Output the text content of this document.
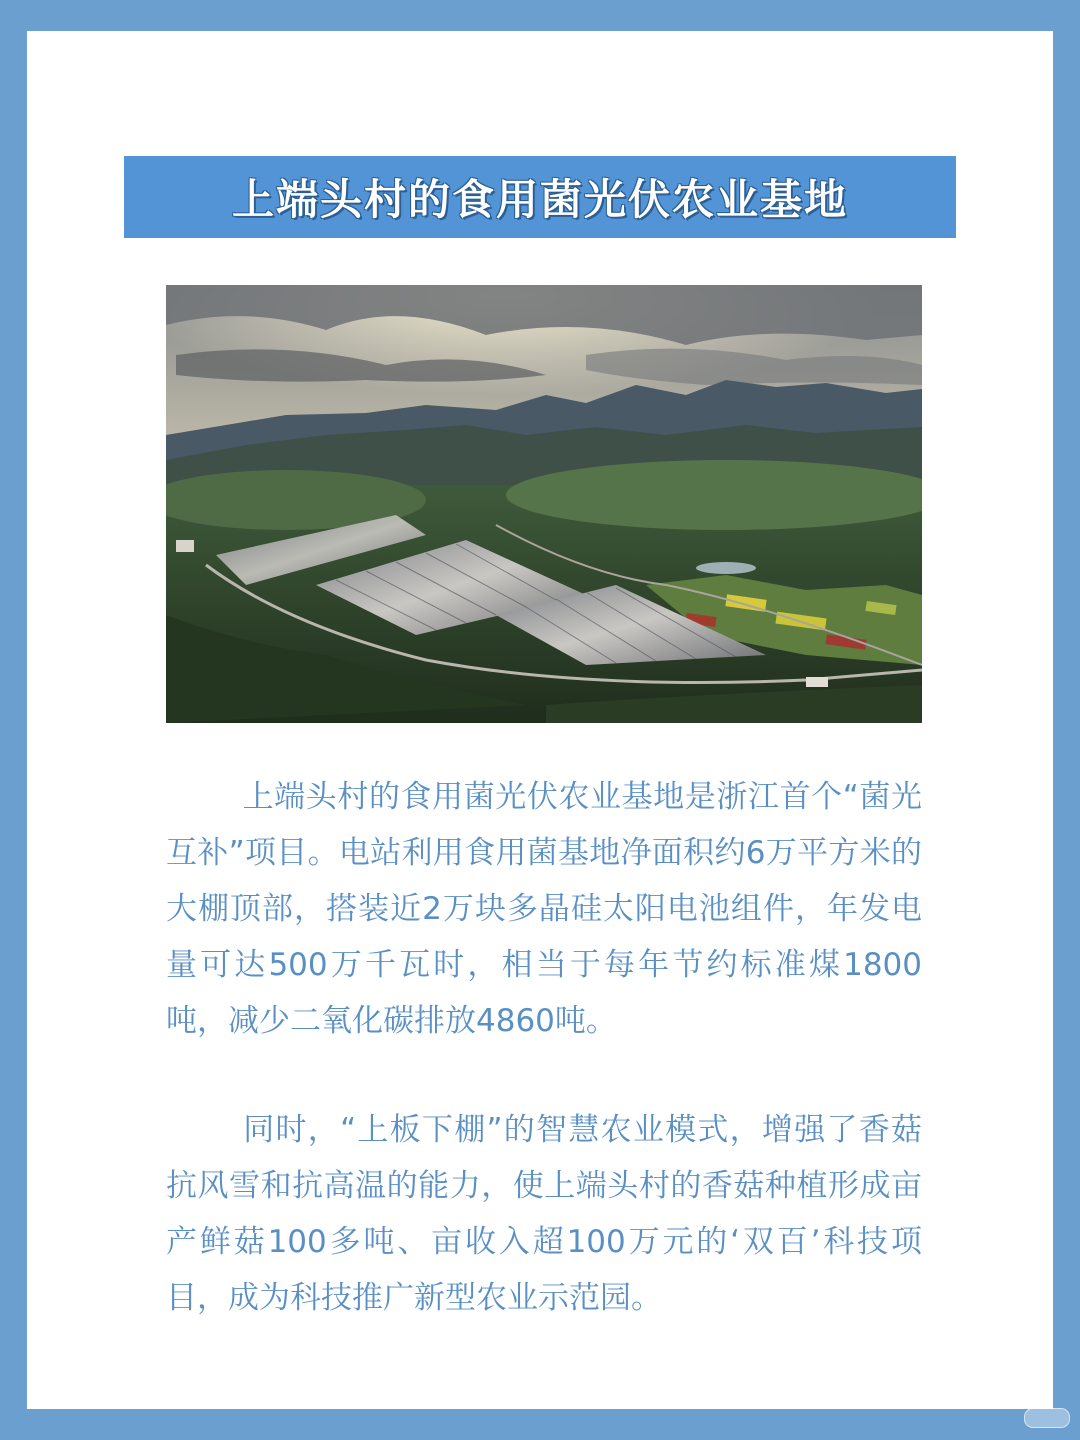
上端头村的食用菌光伏农业基地

上端头村的食用菌光伏农业基地是浙江首个“菌光互补”项目。电站利用食用菌基地净面积约6万平方米的大棚顶部，搭装近2万块多晶硅太阳电池组件，年发电量可达500万千瓦时，相当于每年节约标准煤1800吨，减少二氧化碳排放4860吨。

同时，“上板下棚”的智慧农业模式，增强了香菇抗风雪和抗高温的能力，使上端头村的香菇种植形成亩产鲜菇100多吨、亩收入超100万元的‘双百’科技项目，成为科技推广新型农业示范园。
